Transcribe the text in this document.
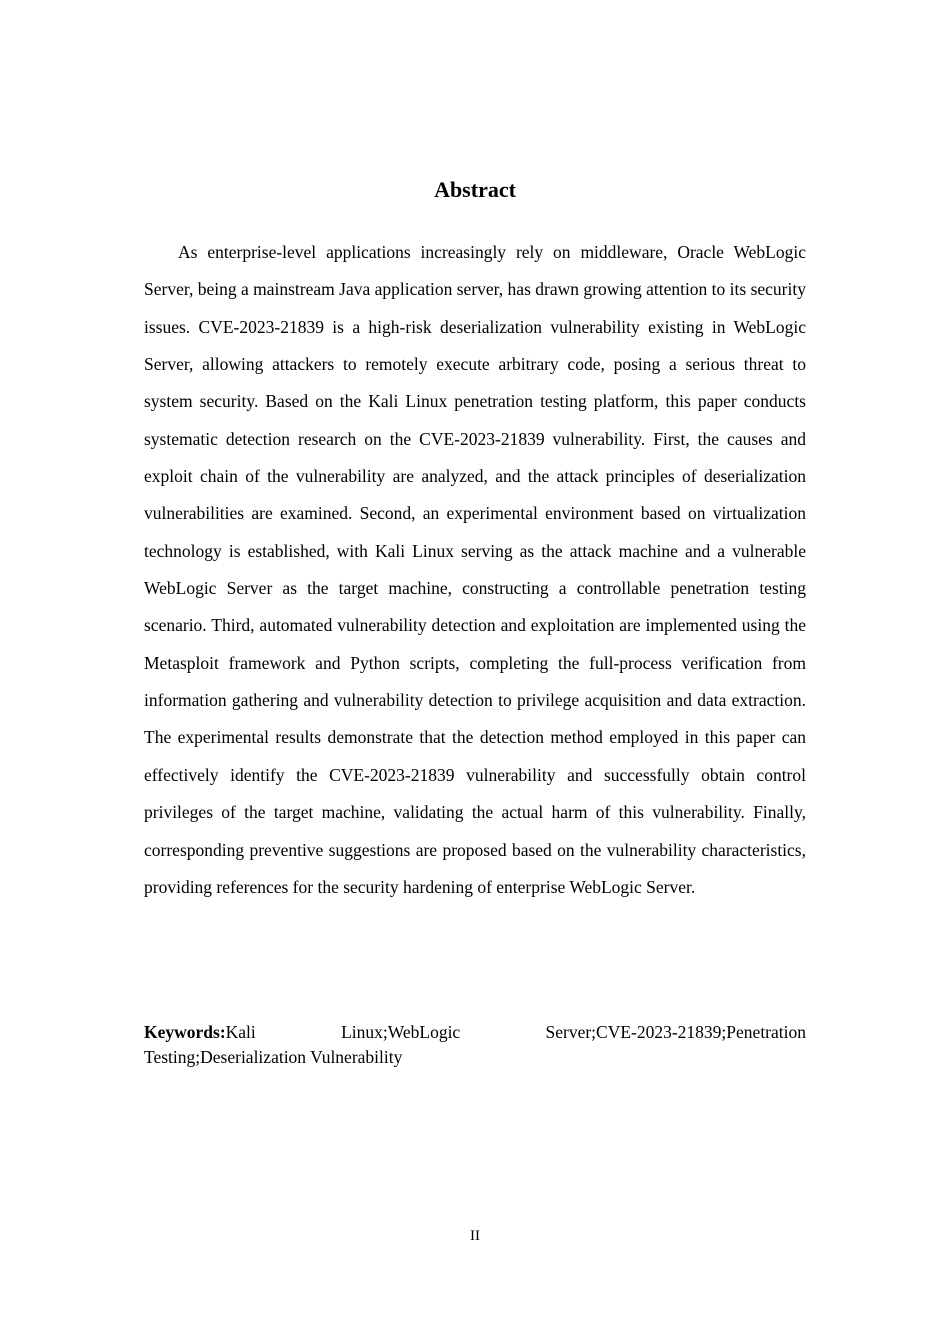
Abstract

As enterprise-level applications increasingly rely on middleware, Oracle WebLogic Server, being a mainstream Java application server, has drawn growing attention to its security issues. CVE-2023-21839 is a high-risk deserialization vulnerability existing in WebLogic Server, allowing attackers to remotely execute arbitrary code, posing a serious threat to system security. Based on the Kali Linux penetration testing platform, this paper conducts systematic detection research on the CVE-2023-21839 vulnerability. First, the causes and exploit chain of the vulnerability are analyzed, and the attack principles of deserialization vulnerabilities are examined. Second, an experimental environment based on virtualization technology is established, with Kali Linux serving as the attack machine and a vulnerable WebLogic Server as the target machine, constructing a controllable penetration testing scenario. Third, automated vulnerability detection and exploitation are implemented using the Metasploit framework and Python scripts, completing the full-process verification from information gathering and vulnerability detection to privilege acquisition and data extraction. The experimental results demonstrate that the detection method employed in this paper can effectively identify the CVE-2023-21839 vulnerability and successfully obtain control privileges of the target machine, validating the actual harm of this vulnerability. Finally, corresponding preventive suggestions are proposed based on the vulnerability characteristics, providing references for the security hardening of enterprise WebLogic Server.

Keywords:Kali Linux;WebLogic Server;CVE-2023-21839;Penetration Testing;Deserialization Vulnerability

II
